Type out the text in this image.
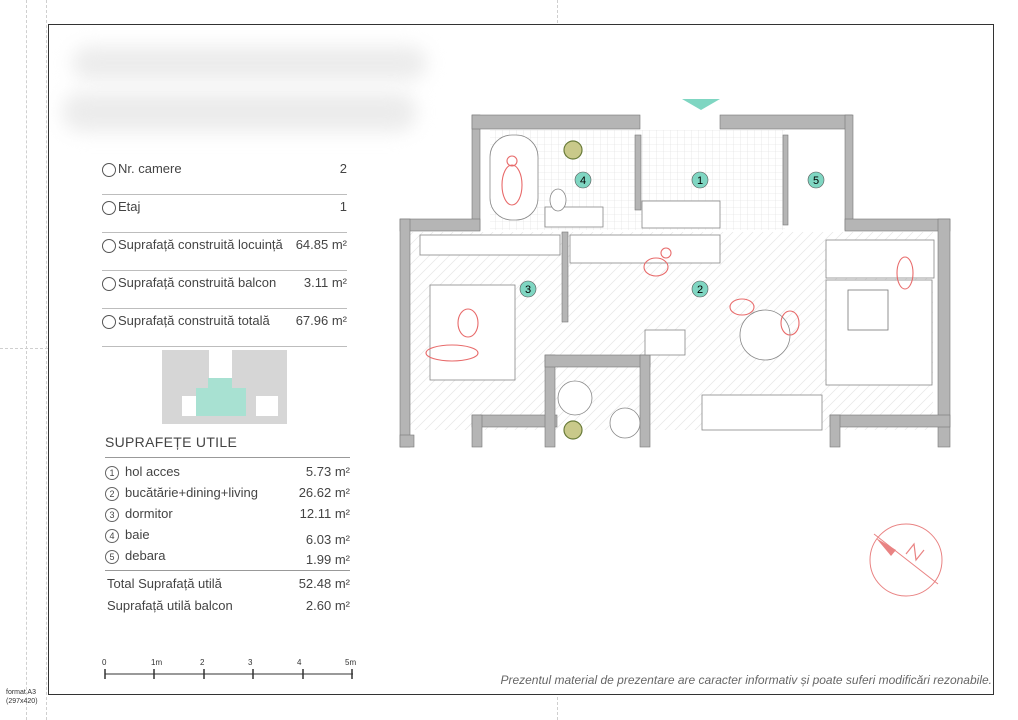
Nr. camere	2
Etaj	1
Suprafață construită locuință 64.85 m²
Suprafață construită balcon 3.11 m²
Suprafață construită totală 67.96 m²
SUPRAFEȚE UTILE
1 hol acces	5.73 m²
2 bucătărie+dining+living	26.62 m²
3 dormitor	12.11 m²
4 baie	6.03 m²
5 debara	1.99 m²
Total Suprafață utilă	52.48 m²
Suprafață utilă balcon	2.60 m²
0	1m	2	3	4	5m
format A3
(297x420)
Prezentul material de prezentare are caracter informativ și poate suferi modificări rezonabile.
1
2
3
4	5
